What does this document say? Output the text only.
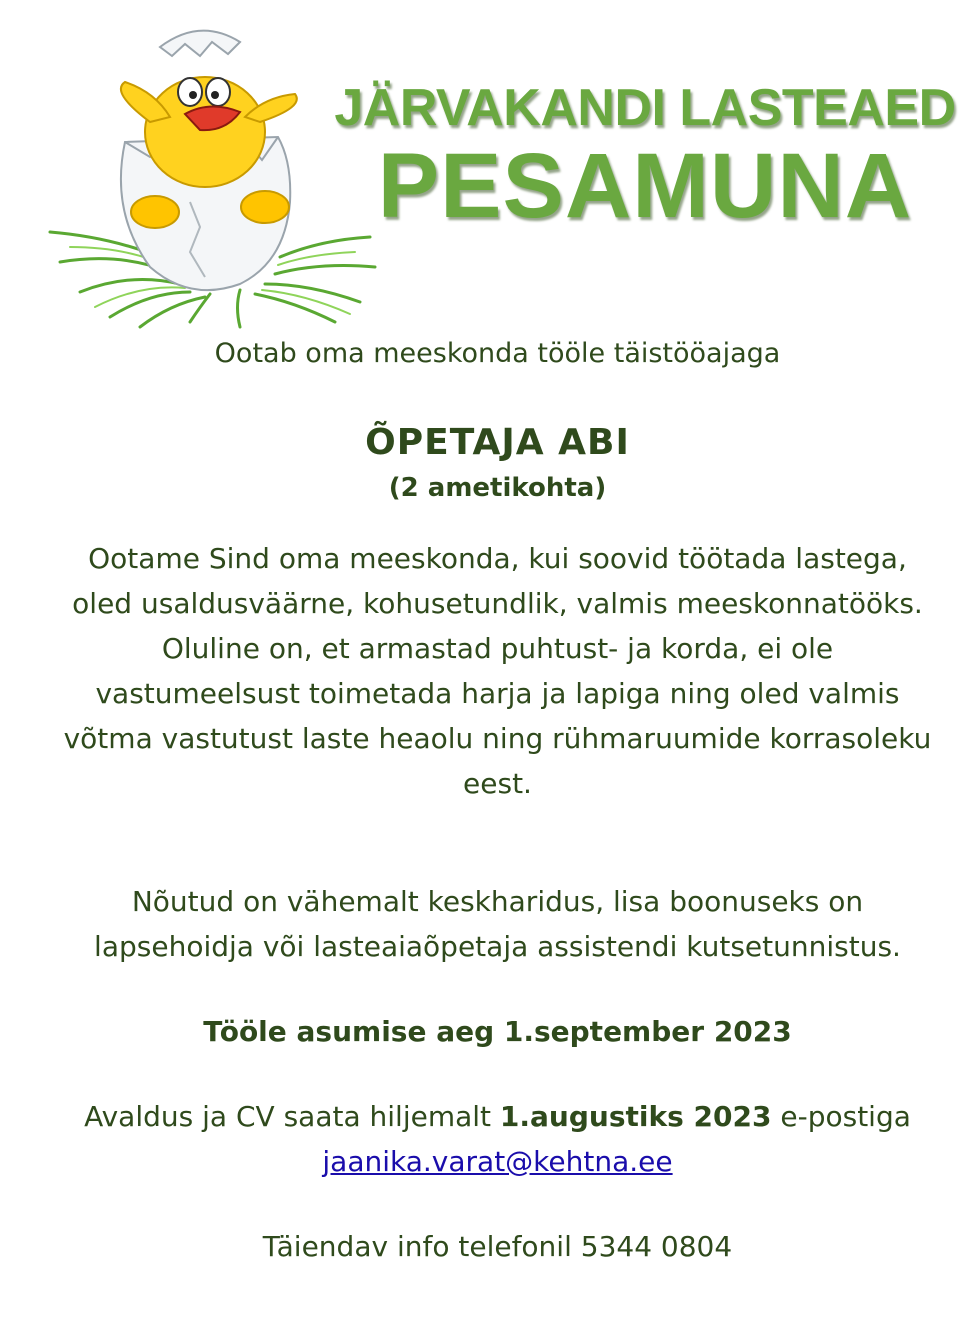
JÄRVAKANDI LASTEAED
PESAMUNA

Ootab oma meeskonda tööle täistööajaga

ÕPETAJA ABI

(2 ametikohta)

Ootame Sind oma meeskonda, kui soovid töötada lastega,
oled usaldusväärne, kohusetundlik, valmis meeskonnatööks.
Oluline on, et armastad puhtust- ja korda, ei ole
vastumeelsust toimetada harja ja lapiga ning oled valmis
võtma vastutust laste heaolu ning rühmaruumide korrasoleku
eest.
Nõutud on vähemalt keskharidus, lisa boonuseks on
lapsehoidja või lasteaiaõpetaja assistendi kutsetunnistus.

Tööle asumise aeg 1.september 2023

Avaldus ja CV saata hiljemalt 1.augustiks 2023 e-postiga
jaanika.varat@kehtna.ee

Täiendav info telefonil 5344 0804
